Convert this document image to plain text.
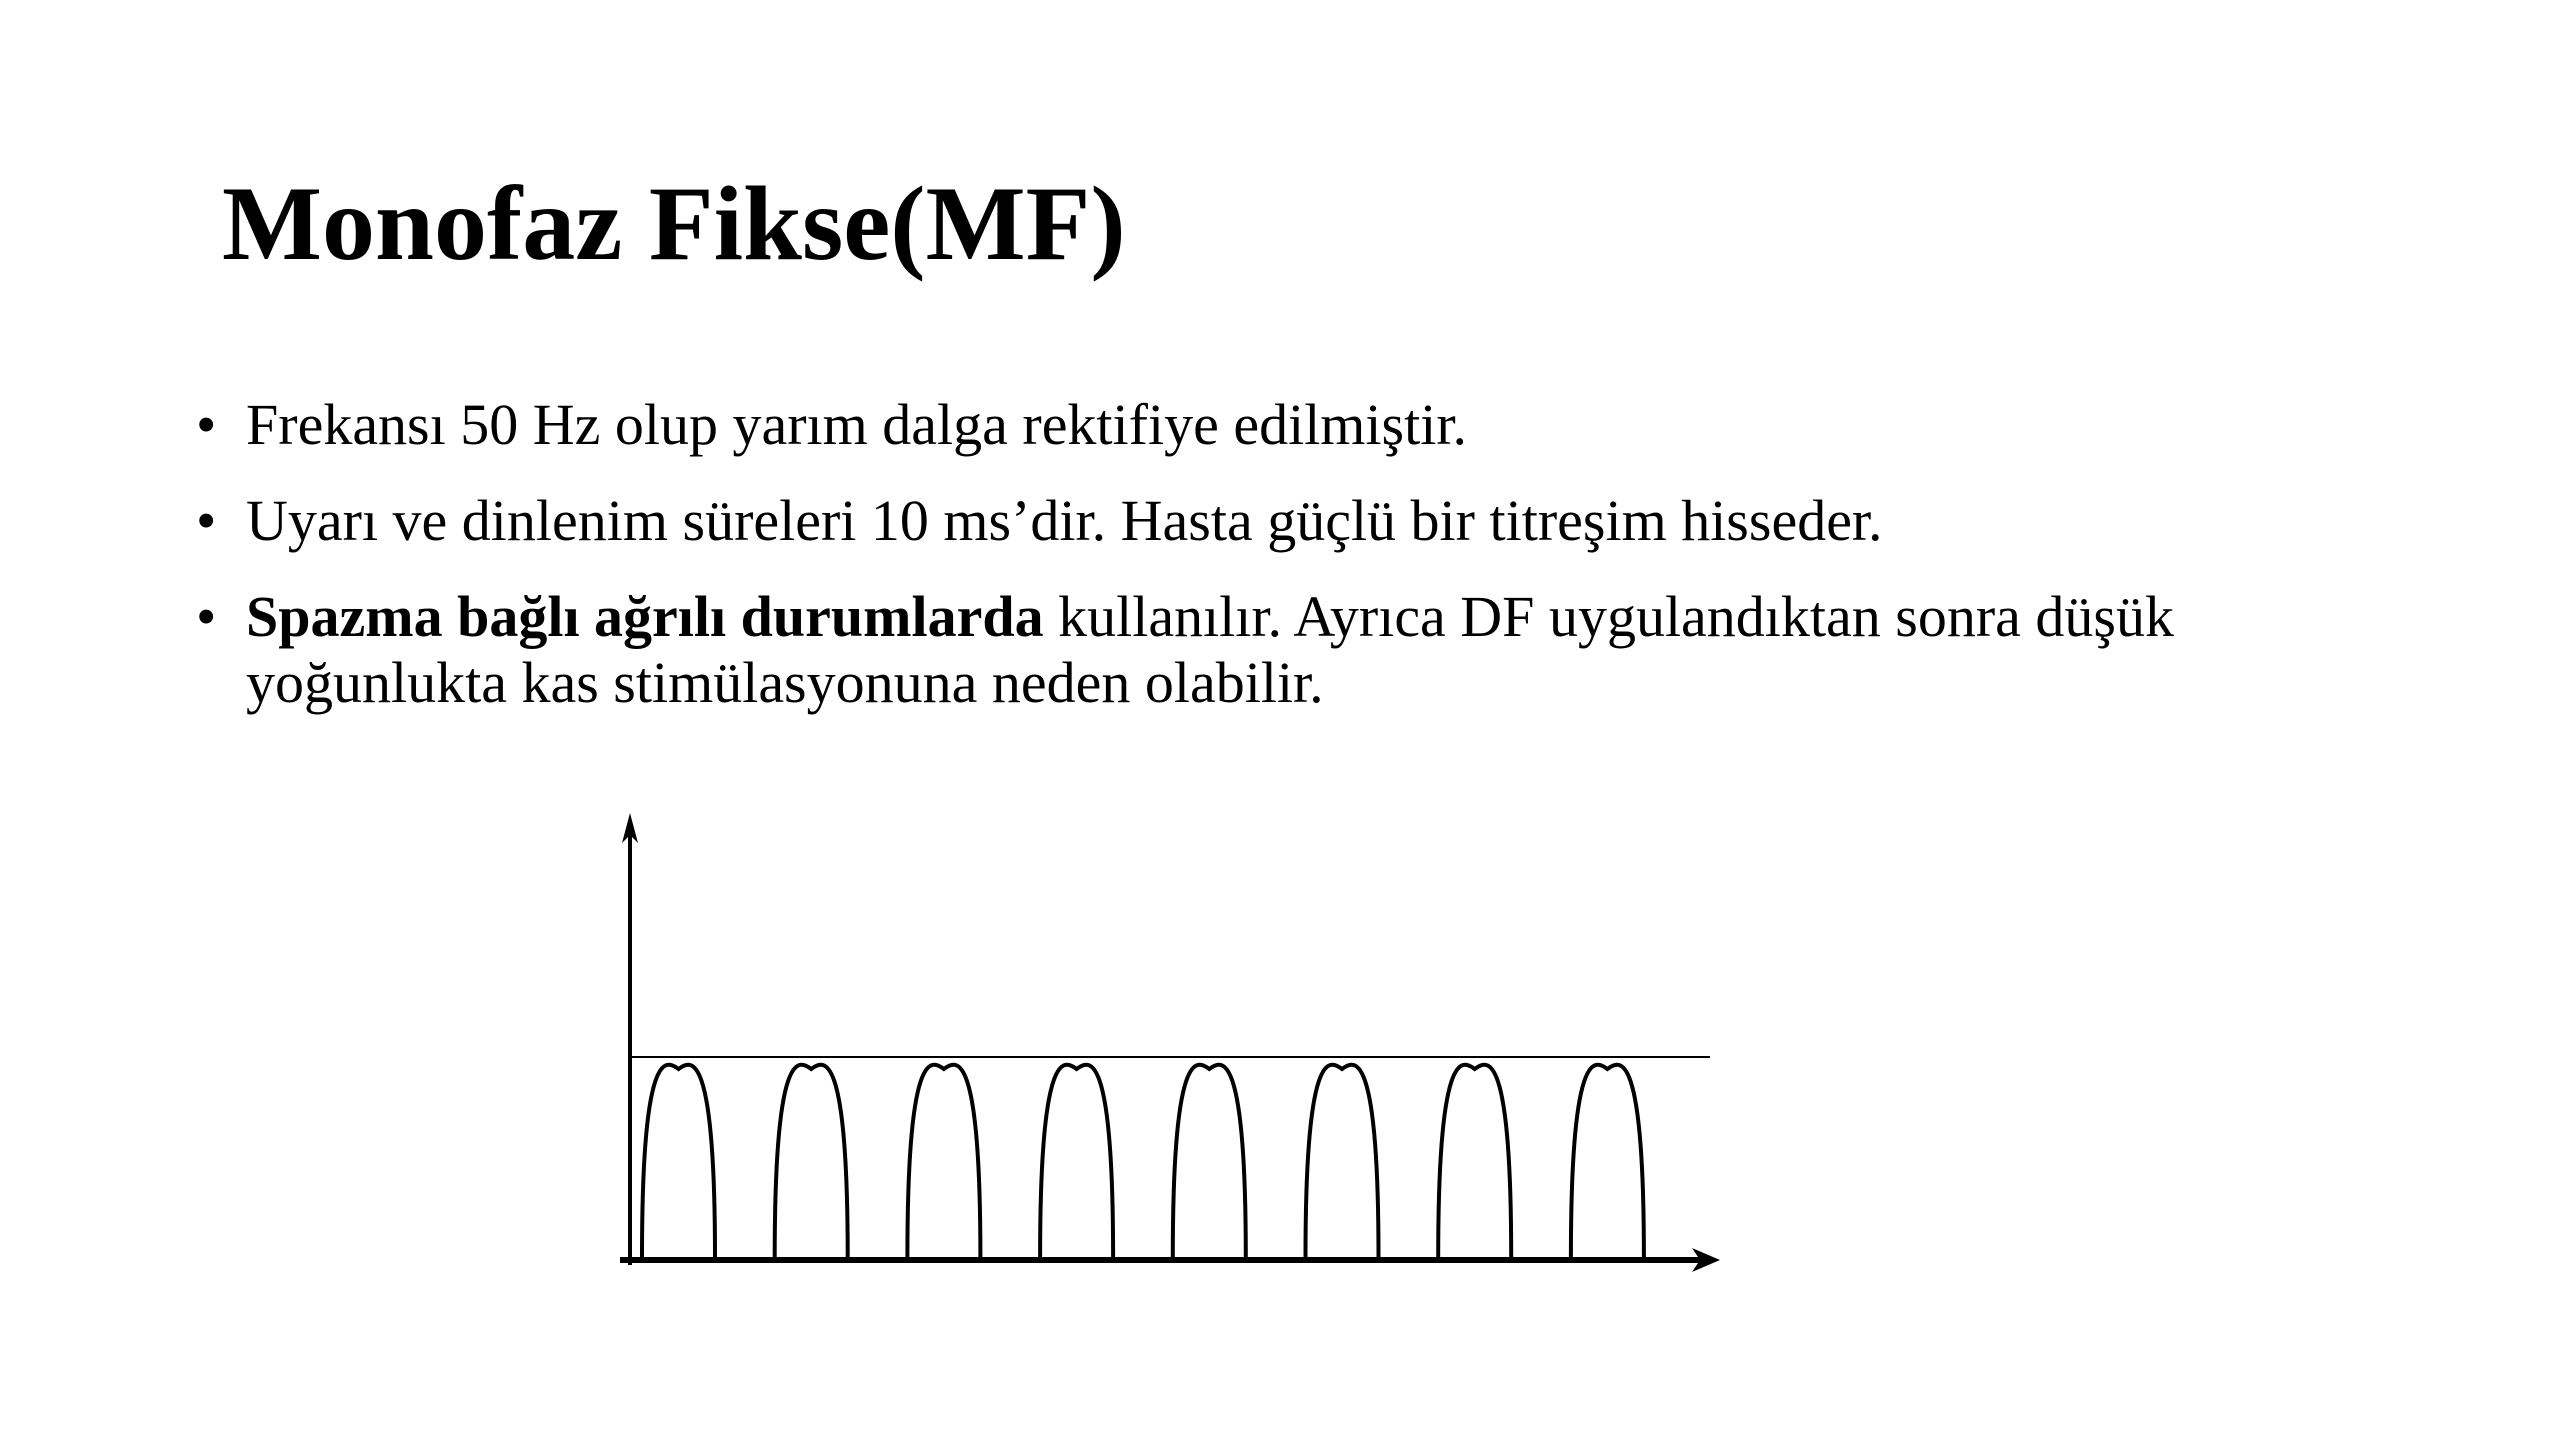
Monofaz Fikse(MF)
• Frekansı 50 Hz olup yarım dalga rektifiye edilmiştir.
• Uyarı ve dinlenim süreleri 10 ms’dir. Hasta güçlü bir titreşim hisseder.
• Spazma bağlı ağrılı durumlarda kullanılır. Ayrıca DF uygulandıktan sonra düşük yoğunlukta kas stimülasyonuna neden olabilir.
